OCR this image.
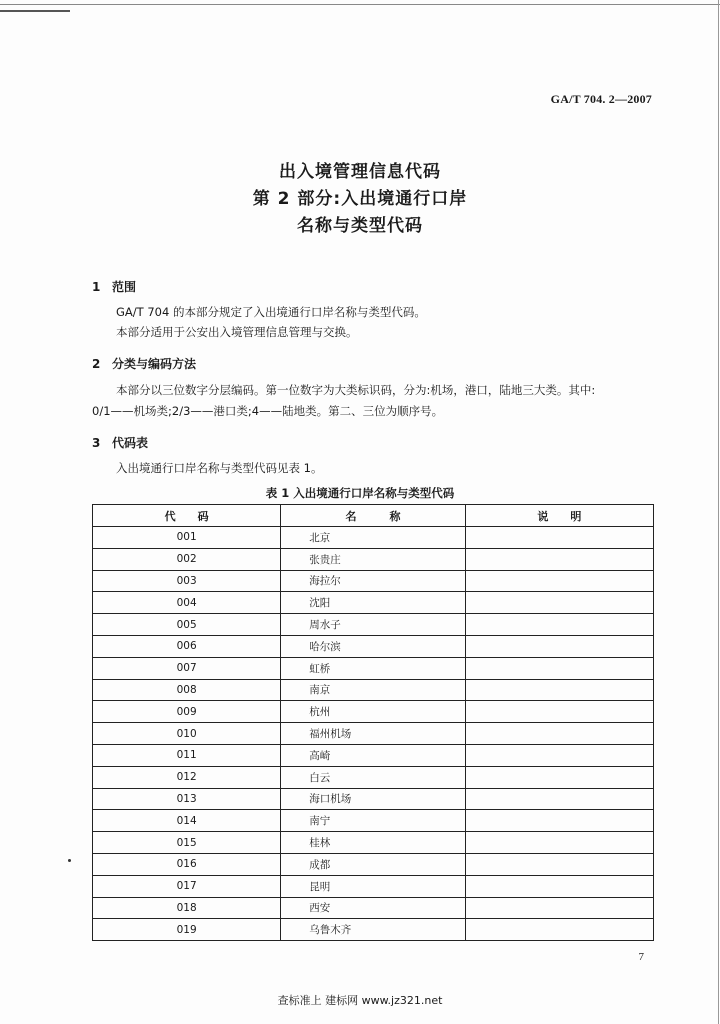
GA/T 704. 2—2007
出入境管理信息代码
第 2 部分:入出境通行口岸
名称与类型代码
1 范围
GA/T 704 的本部分规定了入出境通行口岸名称与类型代码。
本部分适用于公安出入境管理信息管理与交换。
2 分类与编码方法
本部分以三位数字分层编码。第一位数字为大类标识码，分为:机场，港口，陆地三大类。其中:
0/1——机场类;2/3——港口类;4——陆地类。第二、三位为顺序号。
3 代码表
入出境通行口岸名称与类型代码见表 1。
表 1 入出境通行口岸名称与类型代码
代　　码	名　　　称	说　　明
001	北京	
002	张贵庄	
003	海拉尔	
004	沈阳	
005	周水子	
006	哈尔滨	
007	虹桥	
008	南京	
009	杭州	
010	福州机场	
011	高崎	
012	白云	
013	海口机场	
014	南宁	
015	桂林	
016	成都	
017	昆明	
018	西安	
019	乌鲁木齐	
7
查标准上 建标网 www.jz321.net
